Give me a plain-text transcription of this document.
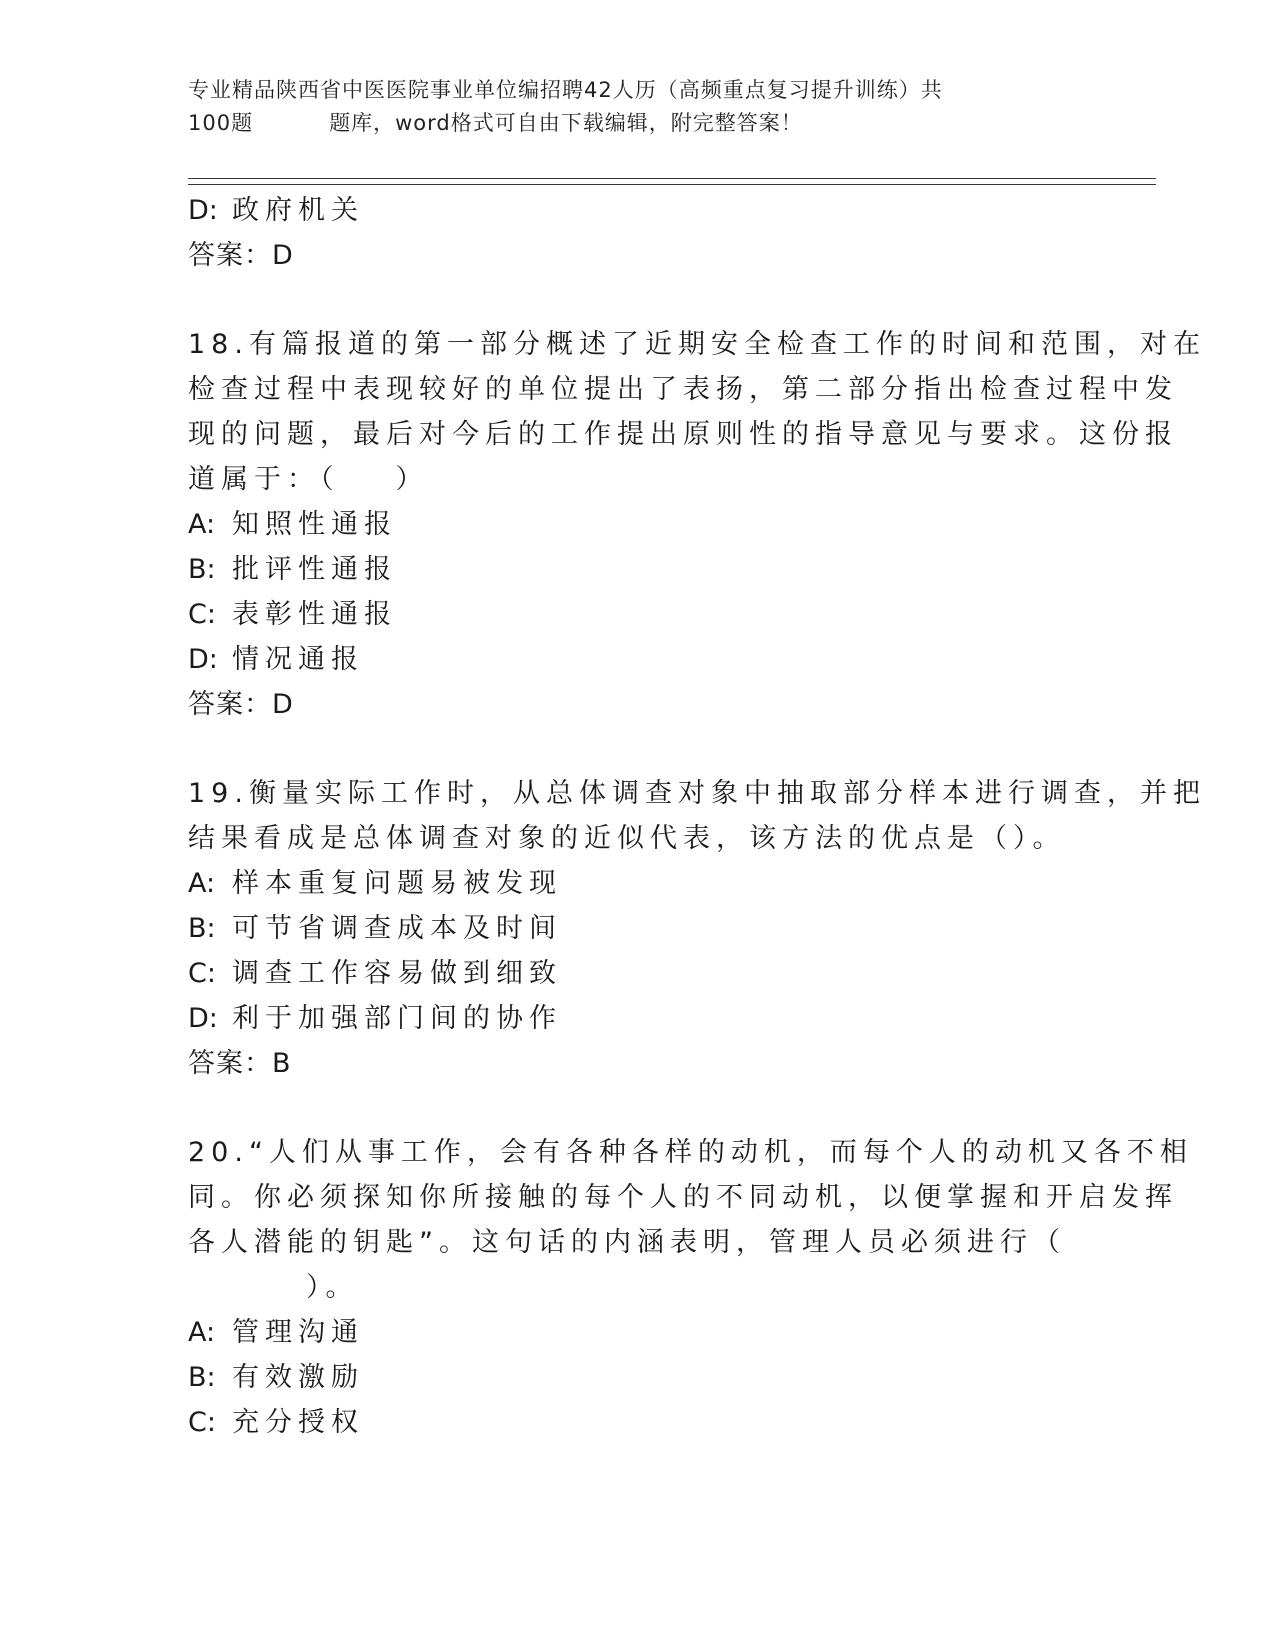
专业精品陕西省中医医院事业单位编招聘42人历（高频重点复习提升训练）共
100题	题库，word格式可自由下载编辑，附完整答案！
D: 政府机关
答案：D
18.有篇报道的第一部分概述了近期安全检查工作的时间和范围，对在
检查过程中表现较好的单位提出了表扬，第二部分指出检查过程中发
现的问题，最后对今后的工作提出原则性的指导意见与要求。这份报
道属于：（ ）
A: 知照性通报
B: 批评性通报
C: 表彰性通报
D: 情况通报
答案：D
19.衡量实际工作时，从总体调查对象中抽取部分样本进行调查，并把
结果看成是总体调查对象的近似代表，该方法的优点是（）。
A: 样本重复问题易被发现
B: 可节省调查成本及时间
C: 调查工作容易做到细致
D: 利于加强部门间的协作
答案：B
20.“人们从事工作，会有各种各样的动机，而每个人的动机又各不相
同。你必须探知你所接触的每个人的不同动机，以便掌握和开启发挥
各人潜能的钥匙”。这句话的内涵表明，管理人员必须进行（
）。
A: 管理沟通
B: 有效激励
C: 充分授权
